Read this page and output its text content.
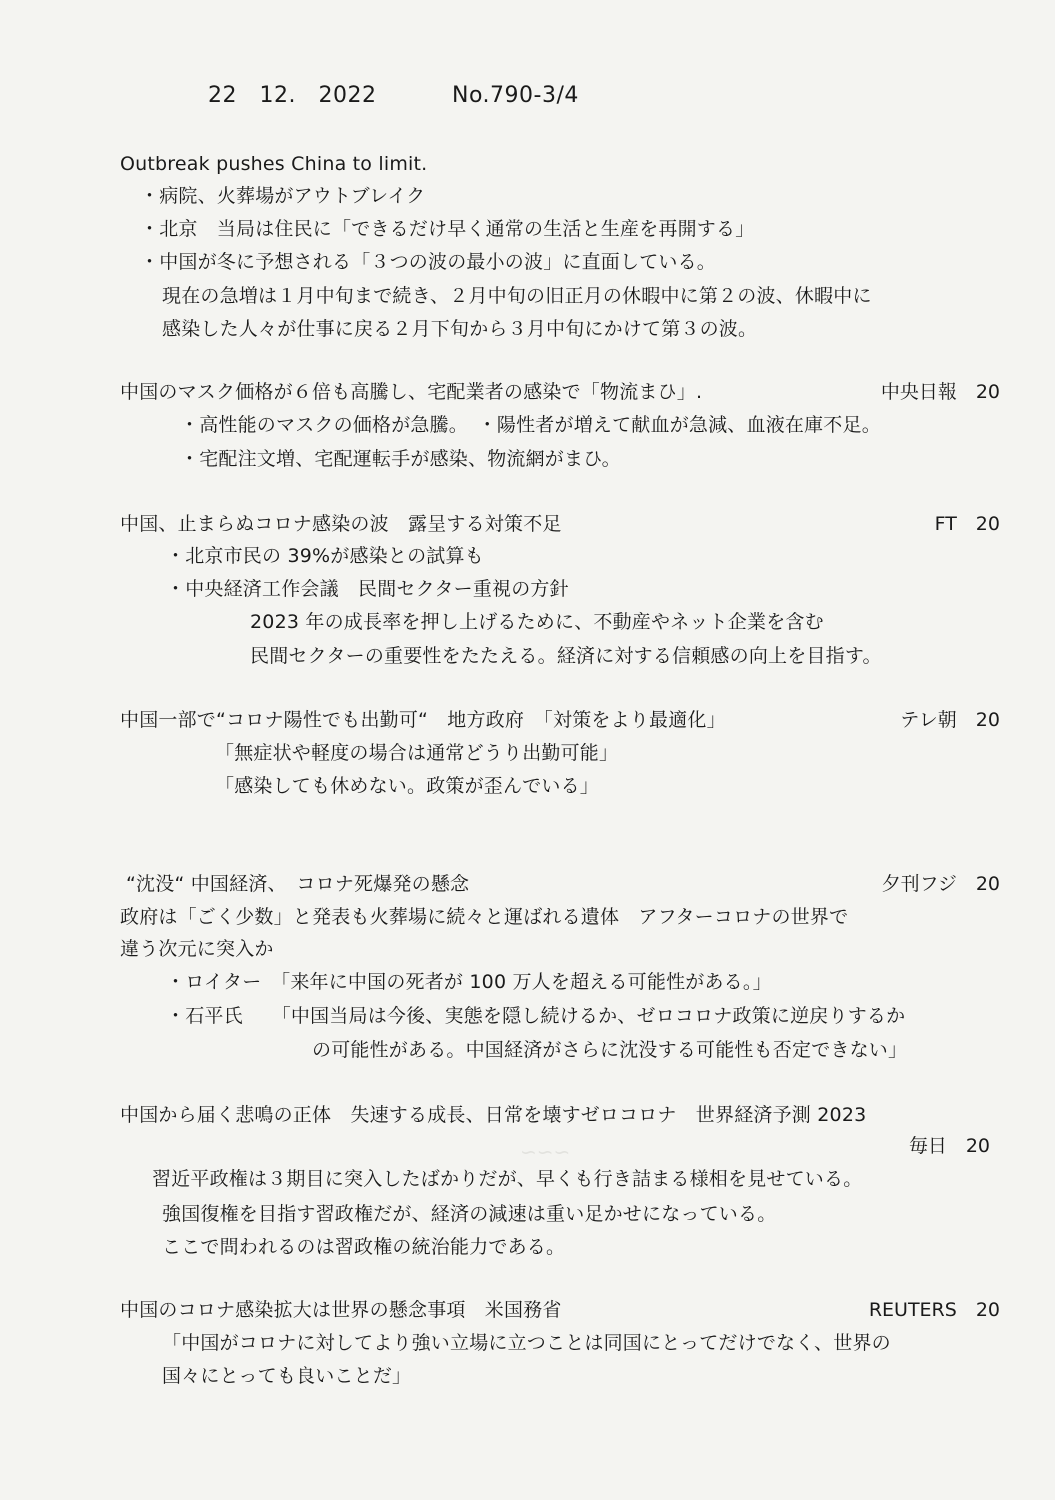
~~~
22　12.　2022	No.790-3/4
Outbreak pushes China to limit.
・病院、火葬場がアウトブレイク
・北京　当局は住民に「できるだけ早く通常の生活と生産を再開する」
・中国が冬に予想される「３つの波の最小の波」に直面している。
現在の急増は１月中旬まで続き、２月中旬の旧正月の休暇中に第２の波、休暇中に
感染した人々が仕事に戻る２月下旬から３月中旬にかけて第３の波。
中国のマスク価格が６倍も高騰し、宅配業者の感染で「物流まひ」.	中央日報　20
・高性能のマスクの価格が急騰。　・陽性者が増えて献血が急減、血液在庫不足。
・宅配注文増、宅配運転手が感染、物流網がまひ。
中国、止まらぬコロナ感染の波　露呈する対策不足	FT　20
・北京市民の 39%が感染との試算も
・中央経済工作会議　民間セクター重視の方針
2023 年の成長率を押し上げるために、不動産やネット企業を含む
民間セクターの重要性をたたえる。経済に対する信頼感の向上を目指す。
中国一部で“コロナ陽性でも出勤可“　地方政府　「対策をより最適化」	テレ朝　20
「無症状や軽度の場合は通常どうり出勤可能」
「感染しても休めない。政策が歪んでいる」
“沈没“ 中国経済、　コロナ死爆発の懸念	夕刊フジ　20
政府は「ごく少数」と発表も火葬場に続々と運ばれる遺体　アフターコロナの世界で
違う次元に突入か
・ロイター　「来年に中国の死者が 100 万人を超える可能性がある。」
・石平氏　　「中国当局は今後、実態を隠し続けるか、ゼロコロナ政策に逆戻りするか
の可能性がある。中国経済がさらに沈没する可能性も否定できない」
中国から届く悲鳴の正体　失速する成長、日常を壊すゼロコロナ　世界経済予測 2023
毎日　20
習近平政権は３期目に突入したばかりだが、早くも行き詰まる様相を見せている。
強国復権を目指す習政権だが、経済の減速は重い足かせになっている。
ここで問われるのは習政権の統治能力である。
中国のコロナ感染拡大は世界の懸念事項　米国務省	REUTERS　20
「中国がコロナに対してより強い立場に立つことは同国にとってだけでなく、世界の
国々にとっても良いことだ」
